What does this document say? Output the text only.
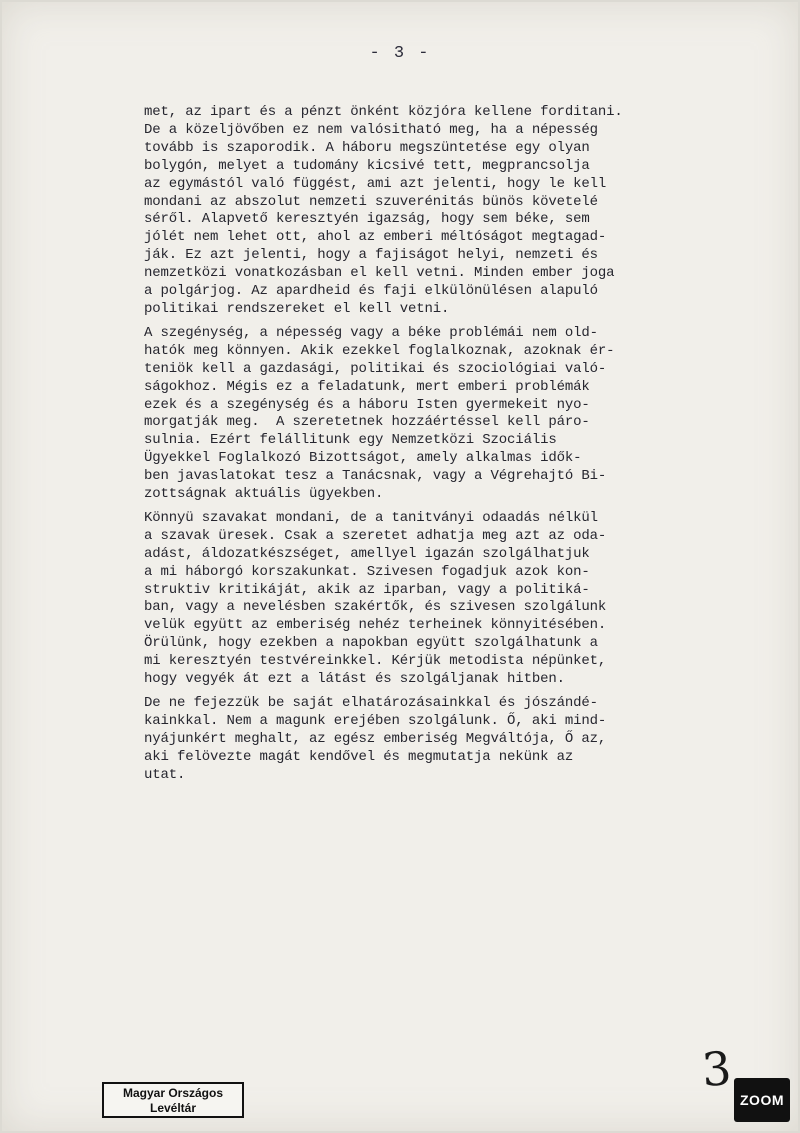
- 3 -
met, az ipart és a pénzt önként közjóra kellene forditani.
De a közeljövőben ez nem valósitható meg, ha a népesség
tovább is szaporodik. A háboru megszüntetése egy olyan
bolygón, melyet a tudomány kicsivé tett, megprancsolja
az egymástól való függést, ami azt jelenti, hogy le kell
mondani az abszolut nemzeti szuverénitás bünös követelé
séről. Alapvető keresztyén igazság, hogy sem béke, sem
jólét nem lehet ott, ahol az emberi méltóságot megtagad-
ják. Ez azt jelenti, hogy a fajiságot helyi, nemzeti és
nemzetközi vonatkozásban el kell vetni. Minden ember joga
a polgárjog. Az apardheid és faji elkülönülésen alapuló
politikai rendszereket el kell vetni.
A szegénység, a népesség vagy a béke problémái nem old-
hatók meg könnyen. Akik ezekkel foglalkoznak, azoknak ér-
teniök kell a gazdasági, politikai és szociológiai való-
ságokhoz. Mégis ez a feladatunk, mert emberi problémák
ezek és a szegénység és a háboru Isten gyermekeit nyo-
morgatják meg.  A szeretetnek hozzáértéssel kell páro-
sulnia. Ezért felállitunk egy Nemzetközi Szociális
Ügyekkel Foglalkozó Bizottságot, amely alkalmas idők-
ben javaslatokat tesz a Tanácsnak, vagy a Végrehajtó Bi-
zottságnak aktuális ügyekben.
Könnyü szavakat mondani, de a tanitványi odaadás nélkül
a szavak üresek. Csak a szeretet adhatja meg azt az oda-
adást, áldozatkészséget, amellyel igazán szolgálhatjuk
a mi háborgó korszakunkat. Szivesen fogadjuk azok kon-
struktiv kritikáját, akik az iparban, vagy a politiká-
ban, vagy a nevelésben szakértők, és szivesen szolgálunk
velük együtt az emberiség nehéz terheinek könnyitésében.
Örülünk, hogy ezekben a napokban együtt szolgálhatunk a
mi keresztyén testvéreinkkel. Kérjük metodista népünket,
hogy vegyék át ezt a látást és szolgáljanak hitben.
De ne fejezzük be saját elhatározásainkkal és jószándé-
kainkkal. Nem a magunk erejében szolgálunk. Ő, aki mind-
nyájunkért meghalt, az egész emberiség Megváltója, Ő az,
aki felövezte magát kendővel és megmutatja nekünk az
utat.
Magyar Országos
Levéltár
3
ZOOM
